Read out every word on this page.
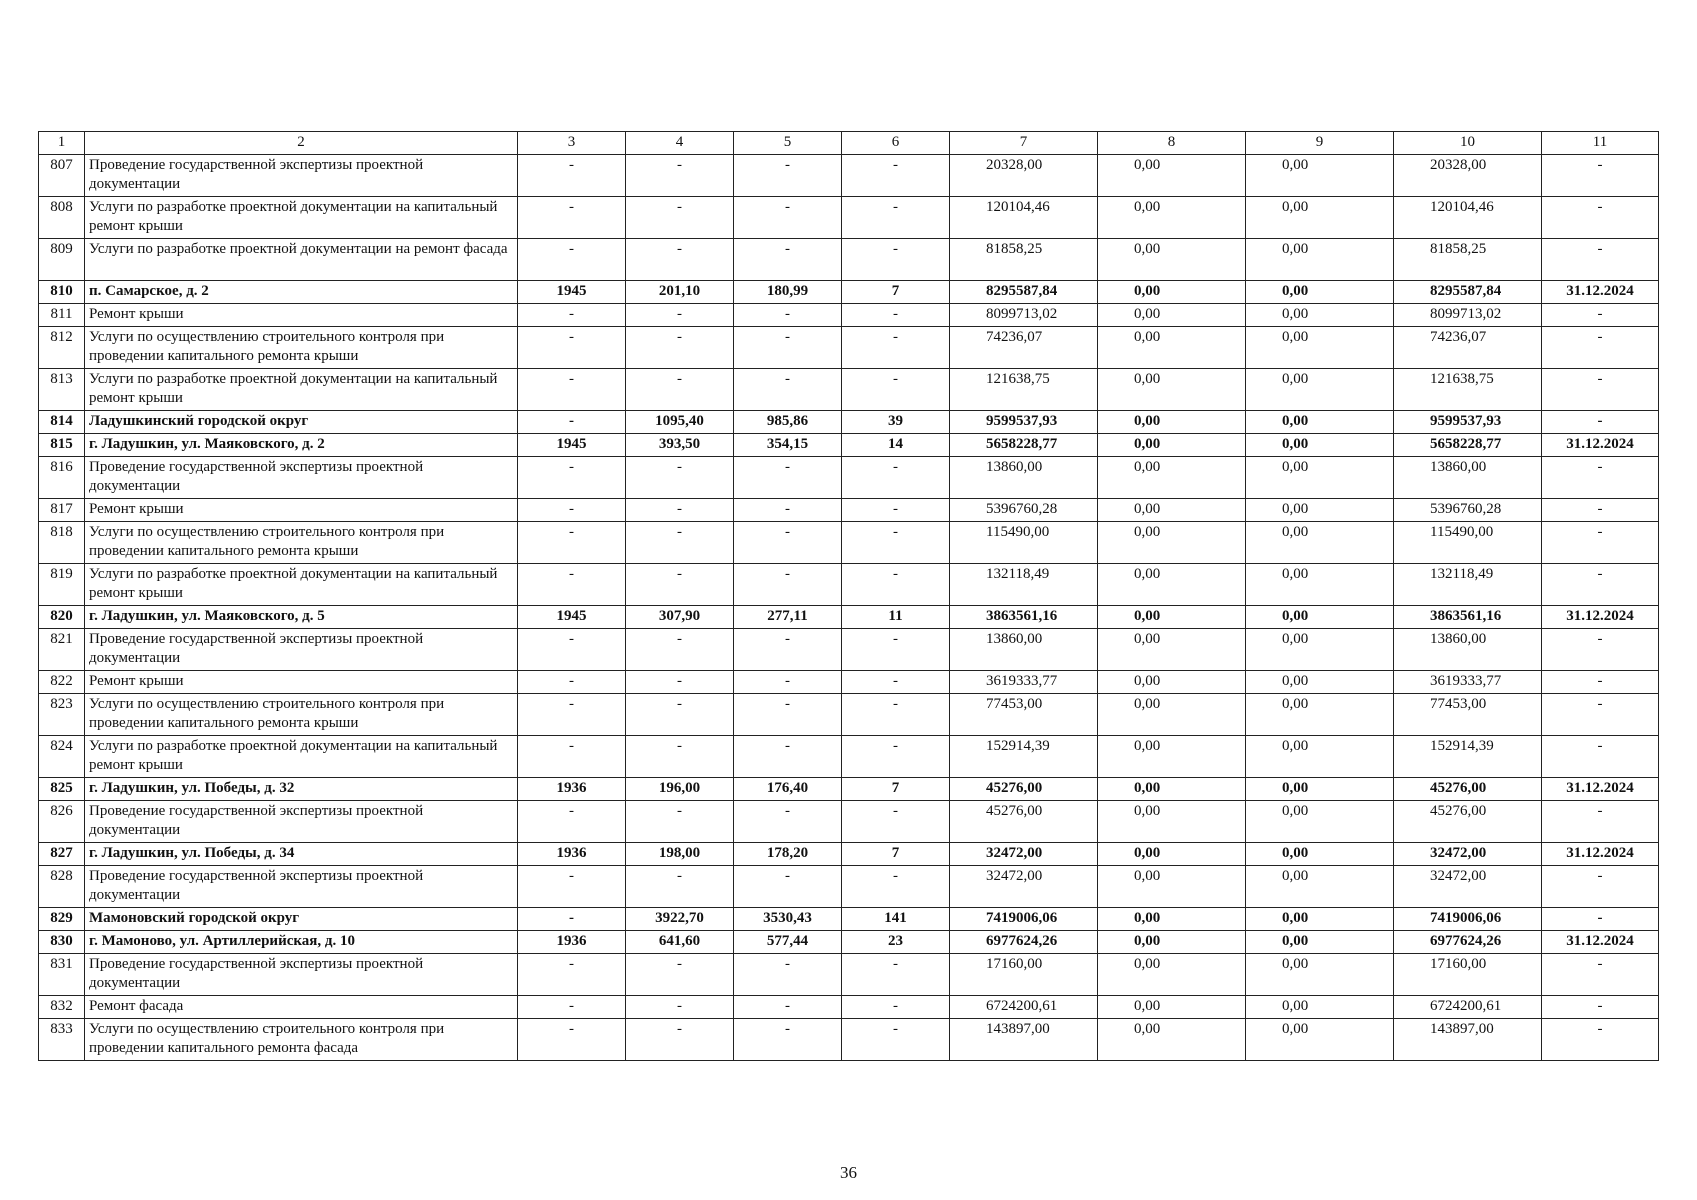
1	2	3	4	5	6	7	8	9	10	11
807	Проведение государственной экспертизы проектной документации	-	-	-	-	20328,00	0,00	0,00	20328,00	-
808	Услуги по разработке проектной документации на капитальный ремонт крыши	-	-	-	-	120104,46	0,00	0,00	120104,46	-
809	Услуги по разработке проектной документации на ремонт фасада	-	-	-	-	81858,25	0,00	0,00	81858,25	-
810	п. Самарское, д. 2	1945	201,10	180,99	7	8295587,84	0,00	0,00	8295587,84	31.12.2024
811	Ремонт крыши	-	-	-	-	8099713,02	0,00	0,00	8099713,02	-
812	Услуги по осуществлению строительного контроля при проведении капитального ремонта крыши	-	-	-	-	74236,07	0,00	0,00	74236,07	-
813	Услуги по разработке проектной документации на капитальный ремонт крыши	-	-	-	-	121638,75	0,00	0,00	121638,75	-
814	Ладушкинский городской округ	-	1095,40	985,86	39	9599537,93	0,00	0,00	9599537,93	-
815	г. Ладушкин, ул. Маяковского, д. 2	1945	393,50	354,15	14	5658228,77	0,00	0,00	5658228,77	31.12.2024
816	Проведение государственной экспертизы проектной документации	-	-	-	-	13860,00	0,00	0,00	13860,00	-
817	Ремонт крыши	-	-	-	-	5396760,28	0,00	0,00	5396760,28	-
818	Услуги по осуществлению строительного контроля при проведении капитального ремонта крыши	-	-	-	-	115490,00	0,00	0,00	115490,00	-
819	Услуги по разработке проектной документации на капитальный ремонт крыши	-	-	-	-	132118,49	0,00	0,00	132118,49	-
820	г. Ладушкин, ул. Маяковского, д. 5	1945	307,90	277,11	11	3863561,16	0,00	0,00	3863561,16	31.12.2024
821	Проведение государственной экспертизы проектной документации	-	-	-	-	13860,00	0,00	0,00	13860,00	-
822	Ремонт крыши	-	-	-	-	3619333,77	0,00	0,00	3619333,77	-
823	Услуги по осуществлению строительного контроля при проведении капитального ремонта крыши	-	-	-	-	77453,00	0,00	0,00	77453,00	-
824	Услуги по разработке проектной документации на капитальный ремонт крыши	-	-	-	-	152914,39	0,00	0,00	152914,39	-
825	г. Ладушкин, ул. Победы, д. 32	1936	196,00	176,40	7	45276,00	0,00	0,00	45276,00	31.12.2024
826	Проведение государственной экспертизы проектной документации	-	-	-	-	45276,00	0,00	0,00	45276,00	-
827	г. Ладушкин, ул. Победы, д. 34	1936	198,00	178,20	7	32472,00	0,00	0,00	32472,00	31.12.2024
828	Проведение государственной экспертизы проектной документации	-	-	-	-	32472,00	0,00	0,00	32472,00	-
829	Мамоновский городской округ	-	3922,70	3530,43	141	7419006,06	0,00	0,00	7419006,06	-
830	г. Мамоново, ул. Артиллерийская, д. 10	1936	641,60	577,44	23	6977624,26	0,00	0,00	6977624,26	31.12.2024
831	Проведение государственной экспертизы проектной документации	-	-	-	-	17160,00	0,00	0,00	17160,00	-
832	Ремонт фасада	-	-	-	-	6724200,61	0,00	0,00	6724200,61	-
833	Услуги по осуществлению строительного контроля при проведении капитального ремонта фасада	-	-	-	-	143897,00	0,00	0,00	143897,00	-
36
